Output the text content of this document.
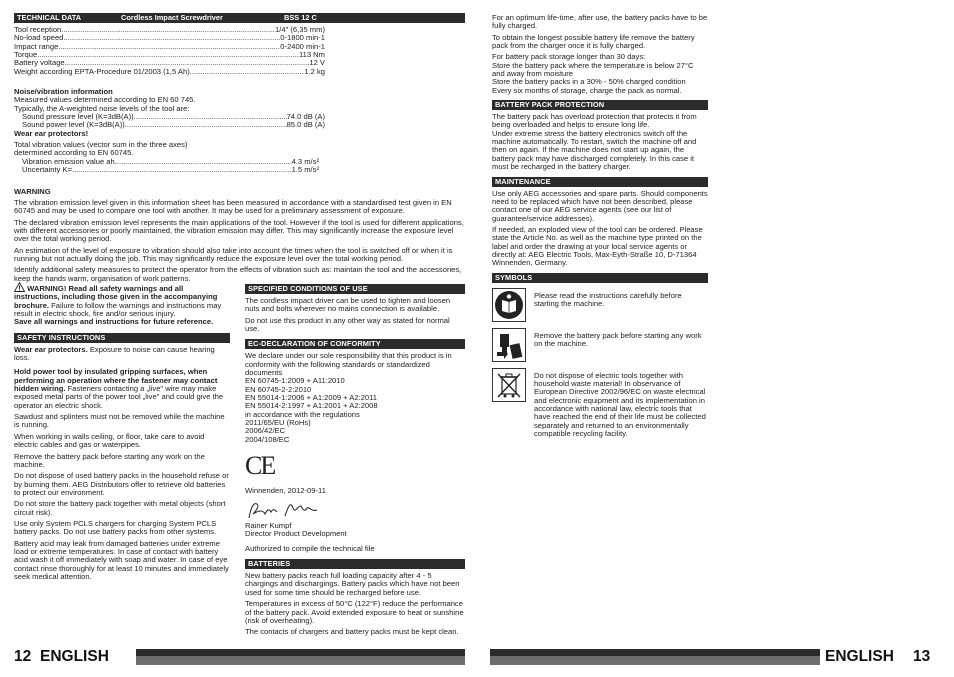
TECHNICAL DATA	Cordless Impact Screwdriver	BSS 12 C
Tool reception .....	1/4" (6,35 mm)
No-load speed .....	0-1800 min-1
Impact range .....	0-2400 min-1
Torque .....	113 Nm
Battery voltage .....	12 V
Weight according EPTA-Procedure 01/2003 (1,5 Ah) .....	1.2 kg
Noise/vibration information
Measured values determined according to EN 60 745.
Typically, the A-weighted noise levels of the tool are:
Sound pressure level (K=3dB(A)) .....	74.0 dB (A)
Sound power level (K=3dB(A)) .....	85.0 dB (A)
Wear ear protectors!
Total vibration values (vector sum in the three axes)
determined according to EN 60745.
Vibration emission value ah .....	4.3 m/s²
Uncertainty K= .....	1.5 m/s²
WARNING

The vibration emission level given in this information sheet has been measured in accordance with a standardised test given in EN 60745 and may be used to compare one tool with another. It may be used for a preliminary assessment of exposure.

The declared vibration emission level represents the main applications of the tool. However if the tool is used for different applications, with different accessories or poorly maintained, the vibration emission may differ. This may significantly increase the exposure level over the total working period.

An estimation of the level of exposure to vibration should also take into account the times when the tool is switched off or when it is running but not actually doing the job. This may significantly reduce the exposure level over the total working period.

Identify additional safety measures to protect the operator from the effects of vibration such as: maintain the tool and the accessories, keep the hands warm, organisation of work patterns.

WARNING! Read all safety warnings and all instructions, including those given in the accompanying brochure. Failure to follow the warnings and instructions may result in electric shock, fire and/or serious injury.
Save all warnings and instructions for future reference.

SAFETY INSTRUCTIONS

Wear ear protectors. Exposure to noise can cause hearing loss.

Hold power tool by insulated gripping surfaces, when performing an operation where the fastener may contact hidden wiring. Fasteners contacting a „live" wire may make exposed metal parts of the power tool „live" and could give the operator an electric shock.

Sawdust and splinters must not be removed while the machine is running.

When working in walls ceiling, or floor, take care to avoid electric cables and gas or waterpipes.

Remove the battery pack before starting any work on the machine.

Do not dispose of used battery packs in the household refuse or by burning them. AEG Distributors offer to retrieve old batteries to protect our environment.

Do not store the battery pack together with metal objects (short circuit risk).

Use only System PCLS chargers for charging System PCLS battery packs. Do not use battery packs from other systems.

Battery acid may leak from damaged batteries under extreme load or extreme temperatures. In case of contact with battery acid wash it off immediately with soap and water. In case of eye contact rinse thoroughly for at least 10 minutes and immediately seek medical attention.

SPECIFIED CONDITIONS OF USE

The cordless impact driver can be used to tighten and loosen nuts and bolts wherever no mains connection is available.

Do not use this product in any other way as stated for normal use.

EC-DECLARATION OF CONFORMITY

We declare under our sole responsibility that this product is in conformity with the following standards or standardized documents

EN 60745-1:2009 + A11:2010
EN 60745-2-2:2010
EN 55014-1:2006 + A1:2009 + A2:2011
EN 55014-2:1997 + A1:2001 + A2:2008
in accordance with the regulations
2011/65/EU (RoHs)
2006/42/EC
2004/108/EC
CE

Winnenden, 2012-09-11

Rainer Kumpf

Director Product Development

Authorized to compile the technical file

BATTERIES

New battery packs reach full loading capacity after 4 - 5 chargings and dischargings. Battery packs which have not been used for some time should be recharged before use.

Temperatures in excess of 50°C (122°F) reduce the performance of the battery pack. Avoid extended exposure to heat or sunshine (risk of overheating).

The contacts of chargers and battery packs must be kept clean.

12 ENGLISH

For an optimum life-time, after use, the battery packs have to be fully charged.

To obtain the longest possible battery life remove the battery pack from the charger once it is fully charged.

For battery pack storage longer than 30 days:
Store the battery pack where the temperature is below 27°C and away from moisture
Store the battery packs in a 30% - 50% charged condition

Every six months of storage, charge the pack as normal.

BATTERY PACK PROTECTION
The battery pack has overload protection that protects it from being overloaded and helps to ensure long life.

Under extreme stress the battery electronics switch off the machine automatically. To restart, switch the machine off and then on again. If the machine does not start up again, the battery pack may have discharged completely. In this case it must be recharged in the battery charger.

MAINTENANCE

Use only AEG accessories and spare parts. Should components need to be replaced which have not been described, please contact one of our AEG service agents (see our list of guarantee/service addresses).

If needed, an exploded view of the tool can be ordered. Please state the Article No. as well as the machine type printed on the label and order the drawing at your local service agents or directly at: AEG Electric Tools, Max-Eyth-Straße 10, D-71364 Winnenden, Germany.

SYMBOLS
Please read the instructions carefully before starting the machine.
Remove the battery pack before starting any work on the machine.
Do not dispose of electric tools together with household waste material! In observance of European Directive 2002/96/EC on waste electrical and electronic equipment and its implementation in accordance with national law, electric tools that have reached the end of their life must be collected separately and returned to an environmentally compatible recycling facility.
ENGLISH 13
